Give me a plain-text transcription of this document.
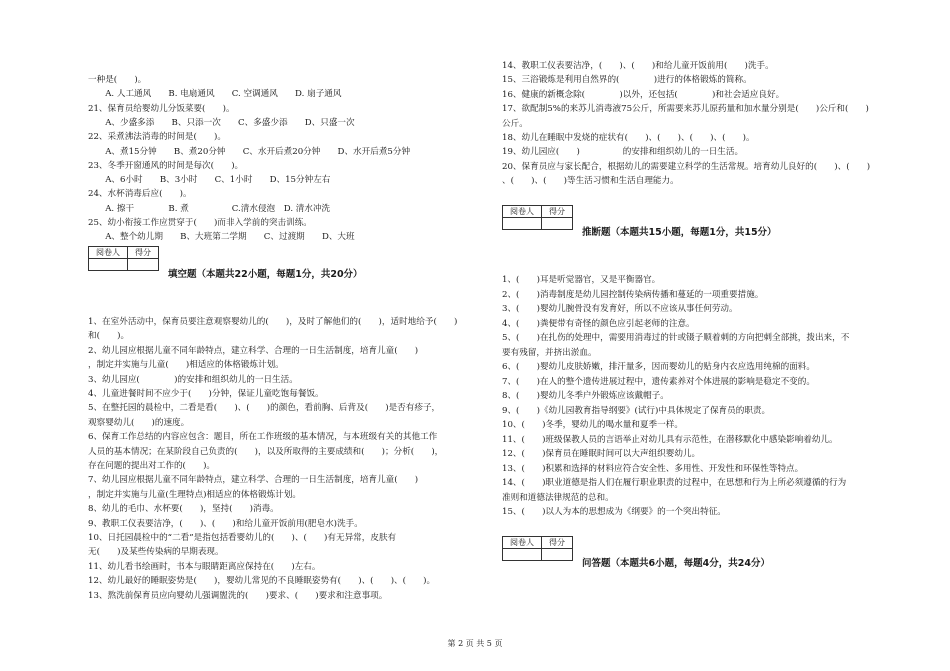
一种是(　　)。
　　A. 人工通风　　B. 电扇通风　　C. 空调通风　　D. 扇子通风
21、保育员给婴幼儿分饭菜要(　　)。
　　A、少盛多添　　B、只添一次　　C、多盛少添　　D、只盛一次
22、采煮沸法消毒的时间是(　　)。
　　A、煮15分钟　　B、煮20分钟　　C、水开后煮20分钟　　D、水开后煮5分钟
23、冬季开窗通风的时间是每次(　　)。
　　A、6小时　　B、3小时　　C、1小时　　D、15分钟左右
24、水杯消毒后应(　　)。
　　A. 擦干　　　　B. 煮　　　　　C.清水侵泡　D. 清水冲洗
25、幼小衔接工作应贯穿于(　　)而非入学前的突击训练。
　　A、整个幼儿期　　B、大班第二学期　　C、过渡期　　D、大班
阅卷人	得分

填空题（本题共22小题，每题1分，共20分）
1、在室外活动中，保育员要注意观察婴幼儿的(　　)，及时了解他们的(　　)，适时地给予(　　)
和(　　)。
2、幼儿园应根据儿童不同年龄特点，建立科学、合理的一日生活制度，培育儿童(　　)
，制定并实施与儿童(　　)相适应的体格锻炼计划。
3、幼儿园应(　　　　)的安排和组织幼儿的一日生活。
4、儿童进餐时间不应少于(　　)分钟，保证儿童吃饱每餐饭。
5、在整托园的晨检中，二看是看(　　)、(　　)的颜色，看前胸、后背及(　　)是否有疹子，
观察婴幼儿(　　)的速度。
6、保育工作总结的内容应包含：题目，所在工作班级的基本情况，与本班级有关的其他工作
人员的基本情况；在某阶段自己负责的(　　)，以及所取得的主要成绩和(　　)；分析(　　)，
存在问题的提出对工作的(　　)。
7、幼儿园应根据儿童不同年龄特点，建立科学、合理的一日生活制度，培育儿童(　　)
，制定并实施与儿童(生理特点)相适应的体格锻炼计划。
8、幼儿的毛巾、水杯要(　　)，坚持(　　)消毒。
9、教职工仪表要洁净，(　　)、(　　)和给儿童开饭前用(肥皂水)洗手。
10、日托园晨检中的“二看”是指包括看婴幼儿的(　　)、(　　)有无异常，皮肤有
无(　　)及某些传染病的早期表现。
11、幼儿看书绘画时，书本与眼睛距离应保持在(　　)左右。
12、幼儿最好的睡眠姿势是(　　)，婴幼儿常见的不良睡眠姿势有(　　)、(　　)、(　　)。
13、熬洗前保育员应向婴幼儿强调盥洗的(　　)要求、(　　)要求和注意事项。
14、教职工仪表要洁净，(　　)、(　　)和给儿童开饭前用(　　)洗手。
15、三浴锻炼是利用自然界的(　　　　)进行的体格锻炼的简称。
16、健康的新概念除(　　　　)以外，还包括(　　　　)和社会适应良好。
17、欲配制5%的来苏儿消毒液75公斤，所需要来苏儿原药量和加水量分别是(　　)公斤和(　　)
公斤。
18、幼儿在睡眠中发烧的症状有(　　)、(　　)、(　　)、(　　)。
19、幼儿园应(　　)　　　　　的安排和组织幼儿的一日生活。
20、保育员应与家长配合，根据幼儿的需要建立科学的生活常规。培育幼儿良好的(　　)、(　　)
、(　　)、(　　)等生活习惯和生活自理能力。
阅卷人	得分

推断题（本题共15小题，每题1分，共15分）
1、(　　)耳是听觉器官，又是平衡器官。
2、(　　)消毒制度是幼儿园控制传染病传播和蔓延的一项重要措施。
3、(　　)婴幼儿腕骨没有发育好，所以不应该从事任何劳动。
4、(　　)粪便带有奇怪的颜色应引起老师的注意。
5、(　　)在扎伤的处理中，需要用消毒过的针或镊子顺着刺的方向把刺全部挑，拨出来，不
要有残留，并挤出淤血。
6、(　　)婴幼儿皮肤娇嫩，排汗量多，因而婴幼儿的贴身内衣应选用纯棉的面料。
7、(　　)在人的整个遗传进展过程中，遗传素养对个体进展的影响是稳定不变的。
8、(　　)婴幼儿冬季户外锻炼应该戴帽子。
9、(　　)《幼儿园教育指导纲要》(试行)中具体规定了保育员的职责。
10、(　　)冬季，婴幼儿的喝水量和夏季一样。
11、(　　)班级保教人员的言语举止对幼儿具有示范性，在潜移默化中感染影响着幼儿。
12、(　　)保育员在睡眠时间可以大声组织婴幼儿。
13、(　　)积累和选择的材料应符合安全性、多用性、开发性和环保性等特点。
14、(　　)职业道德是指人们在履行职业职责的过程中，在思想和行为上所必须遵循的行为
准则和道德法律规范的总和。
15、(　　)以人为本的思想成为《纲要》的一个突出特征。
阅卷人	得分

问答题（本题共6小题，每题4分，共24分）
第 2 页 共 5 页
